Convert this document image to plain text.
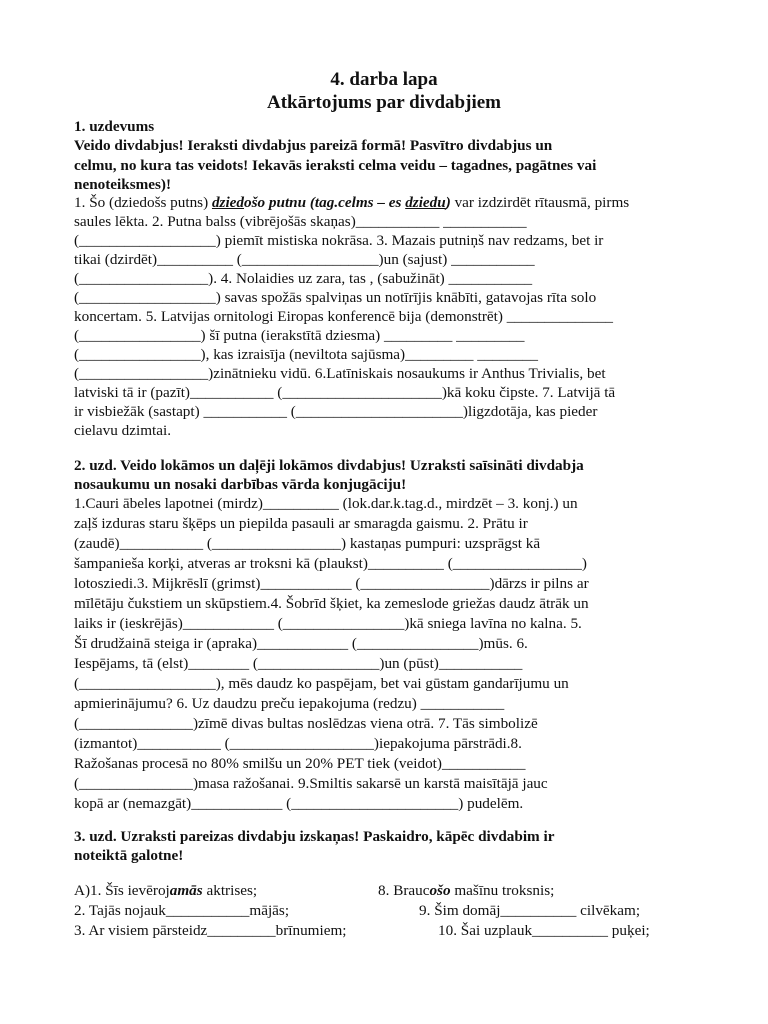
4. darba lapa
Atkārtojums par divdabjiem
1. uzdevums
Veido divdabjus! Ieraksti divdabjus pareizā formā! Pasvītro divdabjus un
celmu, no kura tas veidots! Iekavās ieraksti celma veidu – tagadnes, pagātnes vai
nenoteiksmes)!
1. Šo (dziedošs putns) dziedošo putnu (tag.celms – es dziedu) var izdzirdēt rītausmā, pirms
saules lēkta. 2. Putna balss (vibrējošās skaņas)___________ ___________
(__________________) piemīt mistiska nokrāsa. 3. Mazais putniņš nav redzams, bet ir
tikai (dzirdēt)__________ (__________________)un (sajust) ___________
(_________________). 4. Nolaidies uz zara, tas , (sabužināt) ___________
(__________________) savas spožās spalviņas un notīrījis knābīti, gatavojas rīta solo
koncertam. 5. Latvijas ornitologi Eiropas konferencē bija (demonstrēt) ______________
(________________) šī putna (ierakstītā dziesma) _________ _________
(________________), kas izraisīja (neviltota sajūsma)_________ ________
(_________________)zinātnieku vidū. 6.Latīniskais nosaukums ir Anthus Trivialis, bet
latviski tā ir (pazīt)___________ (_____________________)kā koku čipste. 7. Latvijā tā
ir visbiežāk (sastapt) ___________ (______________________)ligzdotāja, kas pieder
cielavu dzimtai.
2. uzd. Veido lokāmos un daļēji lokāmos divdabjus! Uzraksti saīsināti divdabja
nosaukumu un nosaki darbības vārda konjugāciju!
1.Cauri ābeles lapotnei (mirdz)__________ (lok.dar.k.tag.d., mirdzēt – 3. konj.) un
zaļš izduras staru šķēps un piepilda pasauli ar smaragda gaismu. 2. Prātu ir
(zaudē)___________ (_________________) kastaņas pumpuri: uzsprāgst kā
šampanieša korķi, atveras ar troksni kā (plaukst)__________ (_________________)
lotosziedi.3. Mijkrēslī (grimst)____________ (_________________)dārzs ir pilns ar
mīlētāju čukstiem un skūpstiem.4. Šobrīd šķiet, ka zemeslode griežas daudz ātrāk un
laiks ir (ieskrējās)____________ (________________)kā sniega lavīna no kalna. 5.
Šī drudžainā steiga ir (apraka)____________ (________________)mūs. 6.
Iespējams, tā (elst)________ (________________)un (pūst)___________
(__________________), mēs daudz ko paspējam, bet vai gūstam gandarījumu un
apmierinājumu? 6. Uz daudzu preču iepakojuma (redzu) ___________
(_______________)zīmē divas bultas noslēdzas viena otrā. 7. Tās simbolizē
(izmantot)___________ (___________________)iepakojuma pārstrādi.8.
Ražošanas procesā no 80% smilšu un 20% PET tiek (veidot)___________
(_______________)masa ražošanai. 9.Smiltis sakarsē un karstā maisītājā jauc
kopā ar (nemazgāt)____________ (______________________) pudelēm.
3. uzd. Uzraksti pareizas divdabju izskaņas! Paskaidro, kāpēc divdabim ir
noteiktā galotne!
A)1. Šīs ievērojamās aktrises;
2. Tajās nojauk___________mājās;
3. Ar visiem pārsteidz_________brīnumiem;
8. Braucošo mašīnu troksnis;
9. Šim domāj__________ cilvēkam;
10. Šai uzplauk__________ puķei;
